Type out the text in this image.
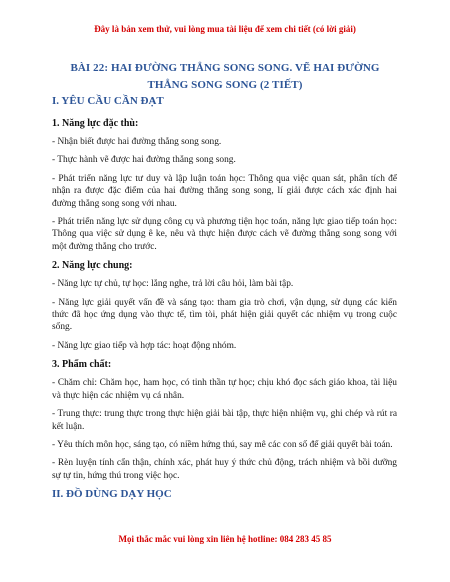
Đây là bản xem thử, vui lòng mua tài liệu để xem chi tiết (có lời giải)
BÀI 22: HAI ĐƯỜNG THẲNG SONG SONG. VẼ HAI ĐƯỜNG THẲNG SONG SONG (2 TIẾT)
I. YÊU CẦU CẦN ĐẠT
1. Năng lực đặc thù:

- Nhận biết được hai đường thẳng song song.

- Thực hành vẽ được hai đường thẳng song song.

- Phát triển năng lực tư duy và lập luận toán học: Thông qua việc quan sát, phân tích để nhận ra được đặc điểm của hai đường thẳng song song, lí giải được cách xác định hai đường thẳng song song với nhau.

- Phát triển năng lực sử dụng công cụ và phương tiện học toán, năng lực giao tiếp toán học: Thông qua việc sử dụng ê ke, nêu và thực hiện được cách vẽ đường thẳng song song với một đường thẳng cho trước.

2. Năng lực chung:

- Năng lực tự chủ, tự học: lắng nghe, trả lời câu hỏi, làm bài tập.

- Năng lực giải quyết vấn đề và sáng tạo: tham gia trò chơi, vận dụng, sử dụng các kiến thức đã học ứng dụng vào thực tế, tìm tòi, phát hiện giải quyết các nhiệm vụ trong cuộc sống.

- Năng lực giao tiếp và hợp tác: hoạt động nhóm.

3. Phẩm chất:

- Chăm chỉ: Chăm học, ham học, có tinh thần tự học; chịu khó đọc sách giáo khoa, tài liệu và thực hiện các nhiệm vụ cá nhân.

- Trung thực: trung thực trong thực hiện giải bài tập, thực hiện nhiệm vụ, ghi chép và rút ra kết luận.

- Yêu thích môn học, sáng tạo, có niềm hứng thú, say mê các con số để giải quyết bài toán.

- Rèn luyện tính cẩn thận, chính xác, phát huy ý thức chủ động, trách nhiệm và bồi dưỡng sự tự tin, hứng thú trong việc học.

II. ĐỒ DÙNG DẠY HỌC
Mọi thắc mắc vui lòng xin liên hệ hotline: 084 283 45 85
